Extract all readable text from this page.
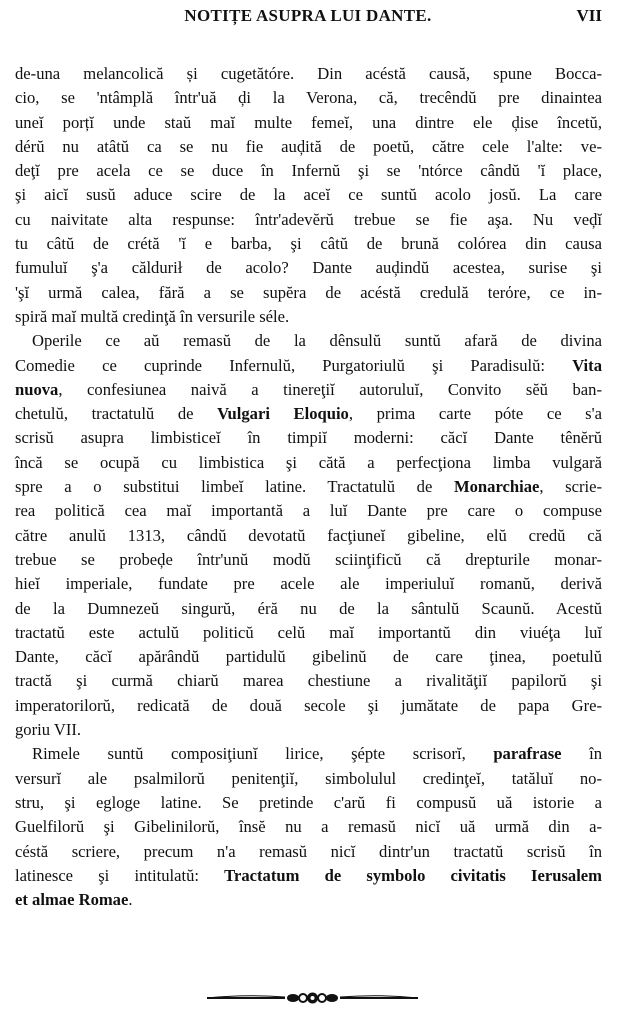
NOTIȚE ASUPRA LUI DANTE.	VII
de-una melancolică și cugetătóre. Din acéstă causă, spune Bocca-
cio, se 'ntâmplă într'uă ḑi la Verona, că, trecêndŭ pre dinaintea
uneĭ porțĭ unde staŭ maĭ multe femeĭ, una dintre ele ḑise încetŭ,
dérŭ nu atâtŭ ca se nu fie auḑită de poetŭ, către cele l'alte: ve-
deţĭ pre acela ce se duce în Infernŭ şi se 'ntórce cândŭ 'ĭ place,
şi aicĭ susŭ aduce scire de la aceĭ ce suntŭ acolo josŭ. La care
cu naivitate alta respunse: într'adevĕrŭ trebue se fie aşa. Nu veḑĭ
tu câtŭ de crétă 'ĭ e barba, şi câtŭ de brună colórea din causa
fumuluĭ ş'a căldurił de acolo? Dante auḑindŭ acestea, surise şi
'şĭ urmă calea, fără a se supĕra de acéstă credulă terόre, ce in-
spiră maĭ multă credinţă în versurile séle.
Operile ce aŭ remasŭ de la dênsulŭ suntŭ afară de divina
Comedie ce cuprinde Infernulŭ, Purgatoriulŭ şi Paradisulŭ: Vita
nuova, confesiunea naivă a tinereţiĭ autoruluĭ, Convito sĕŭ ban-
chetulŭ, tractatulŭ de Vulgari Eloquio, prima carte póte ce s'a
scrisŭ asupra limbisticeĭ în timpiĭ moderni: căcĭ Dante tênĕrŭ
încă se ocupă cu limbistica şi cătă a perfecţiona limba vulgară
spre a o substitui limbeĭ latine. Tractatulŭ de Monarchiae, scrie-
rea politică cea maĭ importantă a luĭ Dante pre care o compuse
către anulŭ 1313, cândŭ devotatŭ facţiuneĭ gibeline, elŭ credŭ că
trebue se probeḑe într'unŭ modŭ sciinţificŭ că drepturile monar-
hieĭ imperiale, fundate pre acele ale imperiuluĭ romanŭ, derivă
de la Dumnezeŭ singurŭ, éră nu de la sântulŭ Scaunŭ. Acestŭ
tractatŭ este actulŭ politicŭ celŭ maĭ importantŭ din viuéţa luĭ
Dante, căcĭ apărândŭ partidulŭ gibelinŭ de care ţinea, poetulŭ
tractă şi curmă chiarŭ marea chestiune a rivalităţiĭ papilorŭ şi
imperatorilorŭ, redicată de două secole şi jumătate de papa Gre-
goriu VII.
Rimele suntŭ composiţiunĭ lirice, şépte scrisorĭ, parafrase în
versurĭ ale psalmilorŭ penitenţiĭ, simbolulul credinţeĭ, tatăluĭ no-
stru, şi egloge latine. Se pretinde c'arŭ fi compusŭ uă istorie a
Guelfilorŭ şi Gibelinilorŭ, însĕ nu a remasŭ nicĭ uă urmă din a-
céstă scriere, precum n'a remasŭ nicĭ dintr'un tractatŭ scrisŭ în
latinesce şi intitulatŭ: Tractatum de symbolo civitatis Ierusalem
et almae Romae.
